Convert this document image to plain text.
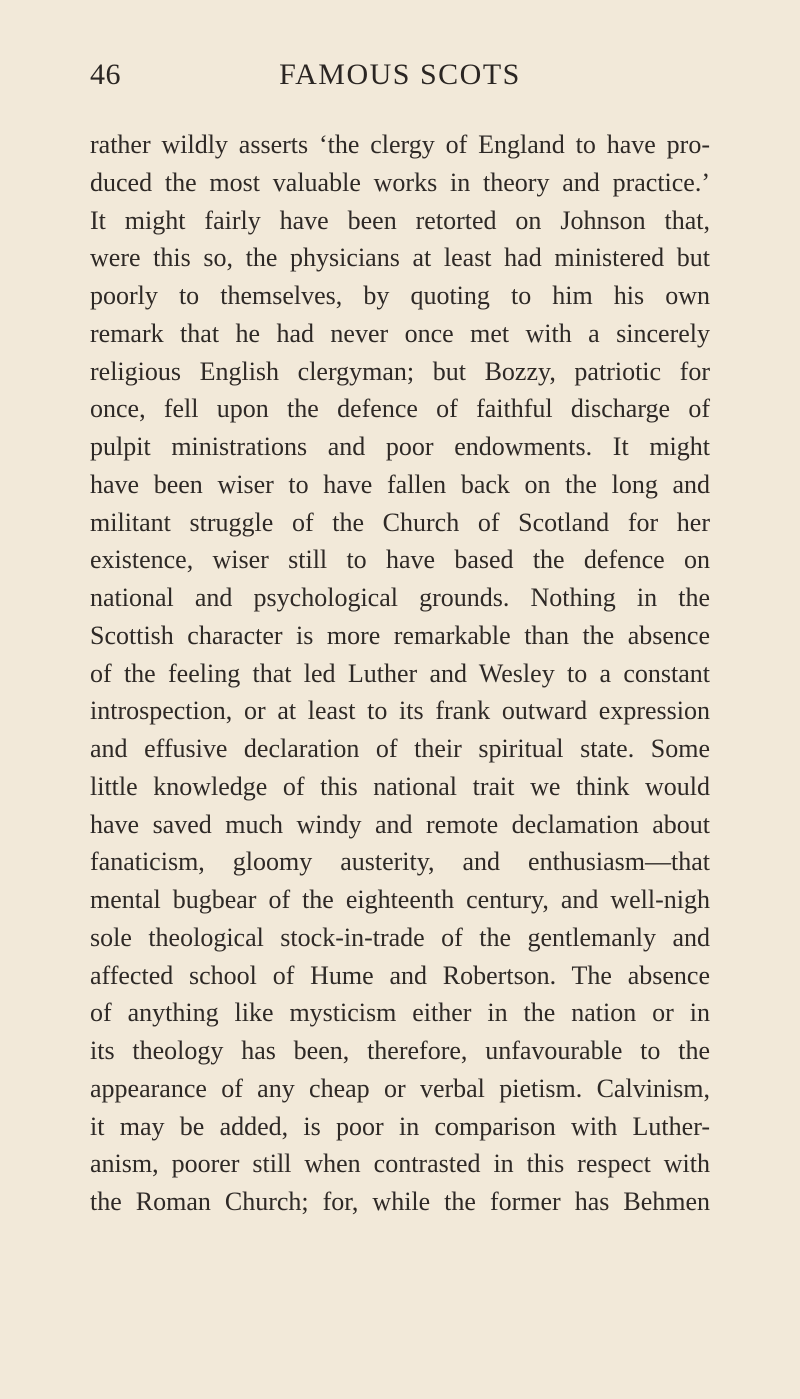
46	FAMOUS SCOTS
rather wildly asserts ‘the clergy of England to have pro-
duced the most valuable works in theory and practice.’
It might fairly have been retorted on Johnson that,
were this so, the physicians at least had ministered but
poorly to themselves, by quoting to him his own
remark that he had never once met with a sincerely
religious English clergyman; but Bozzy, patriotic for
once, fell upon the defence of faithful discharge of
pulpit ministrations and poor endowments. It might
have been wiser to have fallen back on the long and
militant struggle of the Church of Scotland for her
existence, wiser still to have based the defence on
national and psychological grounds. Nothing in the
Scottish character is more remarkable than the absence
of the feeling that led Luther and Wesley to a constant
introspection, or at least to its frank outward expression
and effusive declaration of their spiritual state. Some
little knowledge of this national trait we think would
have saved much windy and remote declamation about
fanaticism, gloomy austerity, and enthusiasm—that
mental bugbear of the eighteenth century, and well-nigh
sole theological stock-in-trade of the gentlemanly and
affected school of Hume and Robertson. The absence
of anything like mysticism either in the nation or in
its theology has been, therefore, unfavourable to the
appearance of any cheap or verbal pietism. Calvinism,
it may be added, is poor in comparison with Luther-
anism, poorer still when contrasted in this respect with
the Roman Church; for, while the former has Behmen
